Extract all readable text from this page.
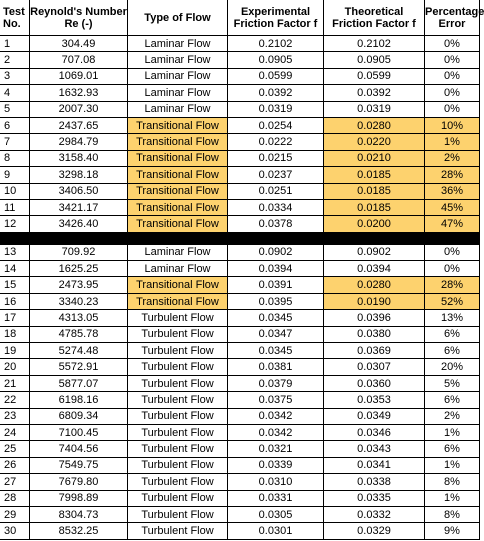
Test No.	Reynold's Number Re (-)	Type of Flow	Experimental Friction Factor f	Theoretical Friction Factor f	Percentage Error
1	304.49	Laminar Flow	0.2102	0.2102	0%
2	707.08	Laminar Flow	0.0905	0.0905	0%
3	1069.01	Laminar Flow	0.0599	0.0599	0%
4	1632.93	Laminar Flow	0.0392	0.0392	0%
5	2007.30	Laminar Flow	0.0319	0.0319	0%
6	2437.65	Transitional Flow	0.0254	0.0280	10%
7	2984.79	Transitional Flow	0.0222	0.0220	1%
8	3158.40	Transitional Flow	0.0215	0.0210	2%
9	3298.18	Transitional Flow	0.0237	0.0185	28%
10	3406.50	Transitional Flow	0.0251	0.0185	36%
11	3421.17	Transitional Flow	0.0334	0.0185	45%
12	3426.40	Transitional Flow	0.0378	0.0200	47%

13	709.92	Laminar Flow	0.0902	0.0902	0%
14	1625.25	Laminar Flow	0.0394	0.0394	0%
15	2473.95	Transitional Flow	0.0391	0.0280	28%
16	3340.23	Transitional Flow	0.0395	0.0190	52%
17	4313.05	Turbulent Flow	0.0345	0.0396	13%
18	4785.78	Turbulent Flow	0.0347	0.0380	6%
19	5274.48	Turbulent Flow	0.0345	0.0369	6%
20	5572.91	Turbulent Flow	0.0381	0.0307	20%
21	5877.07	Turbulent Flow	0.0379	0.0360	5%
22	6198.16	Turbulent Flow	0.0375	0.0353	6%
23	6809.34	Turbulent Flow	0.0342	0.0349	2%
24	7100.45	Turbulent Flow	0.0342	0.0346	1%
25	7404.56	Turbulent Flow	0.0321	0.0343	6%
26	7549.75	Turbulent Flow	0.0339	0.0341	1%
27	7679.80	Turbulent Flow	0.0310	0.0338	8%
28	7998.89	Turbulent Flow	0.0331	0.0335	1%
29	8304.73	Turbulent Flow	0.0305	0.0332	8%
30	8532.25	Turbulent Flow	0.0301	0.0329	9%
